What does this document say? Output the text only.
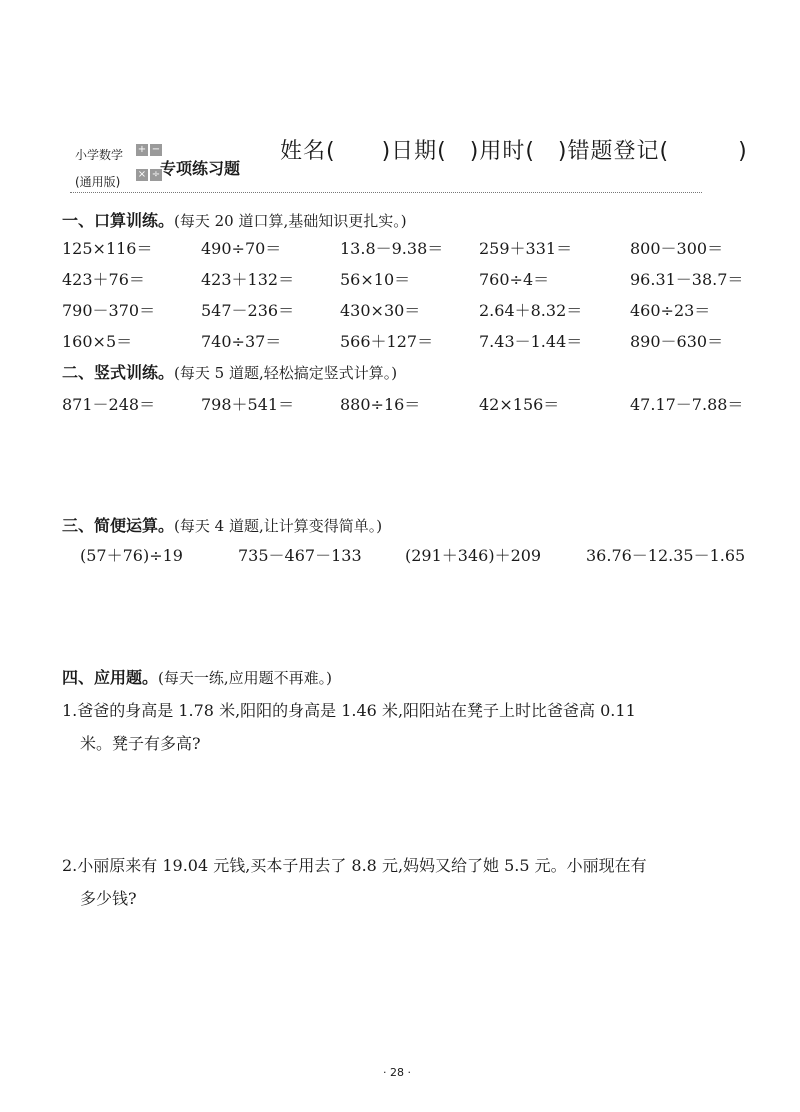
小学数学
(通用版)
+ −
× ÷ 专项练习题
姓名(　　)日期(　)用时(　)错题登记(　　　)
一、口算训练。(每天 20 道口算,基础知识更扎实。)
125×116＝	490÷70＝	13.8－9.38＝ 259＋331＝	800－300＝
423＋76＝	423＋132＝	56×10＝	760÷4＝	96.31－38.7＝
790－370＝	547－236＝	430×30＝	2.64＋8.32＝	460÷23＝
160×5＝	740÷37＝	566＋127＝	7.43－1.44＝	890－630＝
二、竖式训练。(每天 5 道题,轻松搞定竖式计算。)
871－248＝	798＋541＝	880÷16＝	42×156＝	47.17－7.88＝
三、简便运算。(每天 4 道题,让计算变得简单。)
(57＋76)÷19	735－467－133	(291＋346)＋209	36.76－12.35－1.65
四、应用题。(每天一练,应用题不再难。)
1.爸爸的身高是 1.78 米,阳阳的身高是 1.46 米,阳阳站在凳子上时比爸爸高 0.11
米。凳子有多高?
2.小丽原来有 19.04 元钱,买本子用去了 8.8 元,妈妈又给了她 5.5 元。小丽现在有
多少钱?
· 28 ·
